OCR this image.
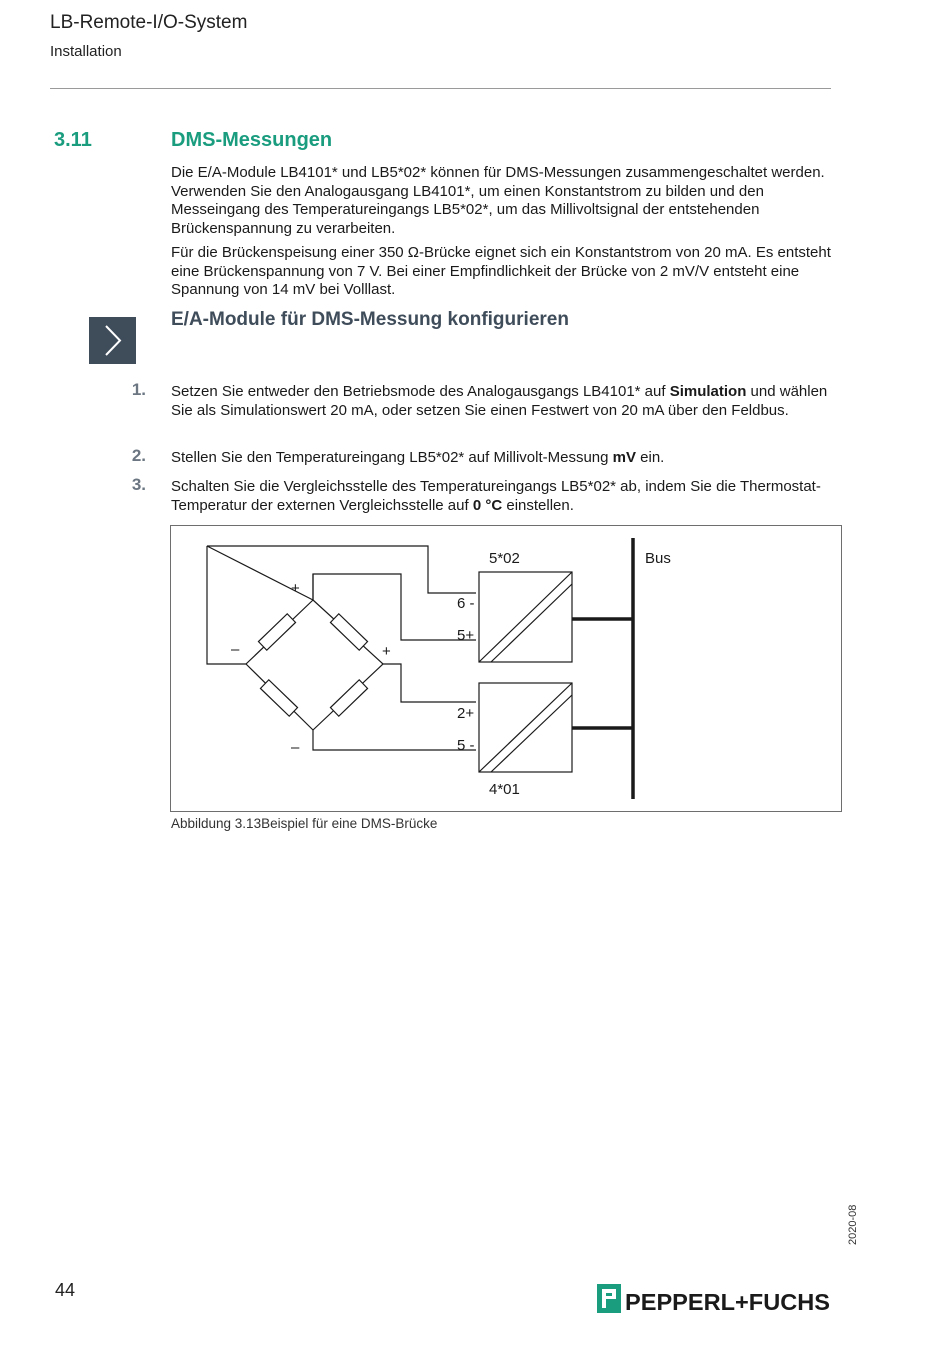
LB-Remote-I/O-System
Installation
3.11	DMS-Messungen
Die E/A-Module LB4101* und LB5*02* können für DMS-Messungen zusammengeschaltet werden. Verwenden Sie den Analogausgang LB4101*, um einen Konstantstrom zu bilden und den Messeingang des Temperatureingangs LB5*02*, um das Millivoltsignal der entstehenden Brückenspannung zu verarbeiten.
Für die Brückenspeisung einer 350 Ω-Brücke eignet sich ein Konstantstrom von 20 mA. Es entsteht eine Brückenspannung von 7 V. Bei einer Empfindlichkeit der Brücke von 2 mV/V entsteht eine Spannung von 14 mV bei Volllast.
E/A-Module für DMS-Messung konfigurieren
1. Setzen Sie entweder den Betriebsmode des Analogausgangs LB4101* auf Simulation und wählen Sie als Simulationswert 20 mA, oder setzen Sie einen Festwert von 20 mA über den Feldbus.
2. Stellen Sie den Temperatureingang LB5*02* auf Millivolt-Messung mV ein.
3. Schalten Sie die Vergleichsstelle des Temperatureingangs LB5*02* ab, indem Sie die Thermostat-Temperatur der externen Vergleichsstelle auf 0 °C einstellen.
5*02
4*01
Bus
6 -
5+
2+
5 -
+
–	+
–
Abbildung 3.13Beispiel für eine DMS-Brücke
44
2020-08
PEPPERL+FUCHS
